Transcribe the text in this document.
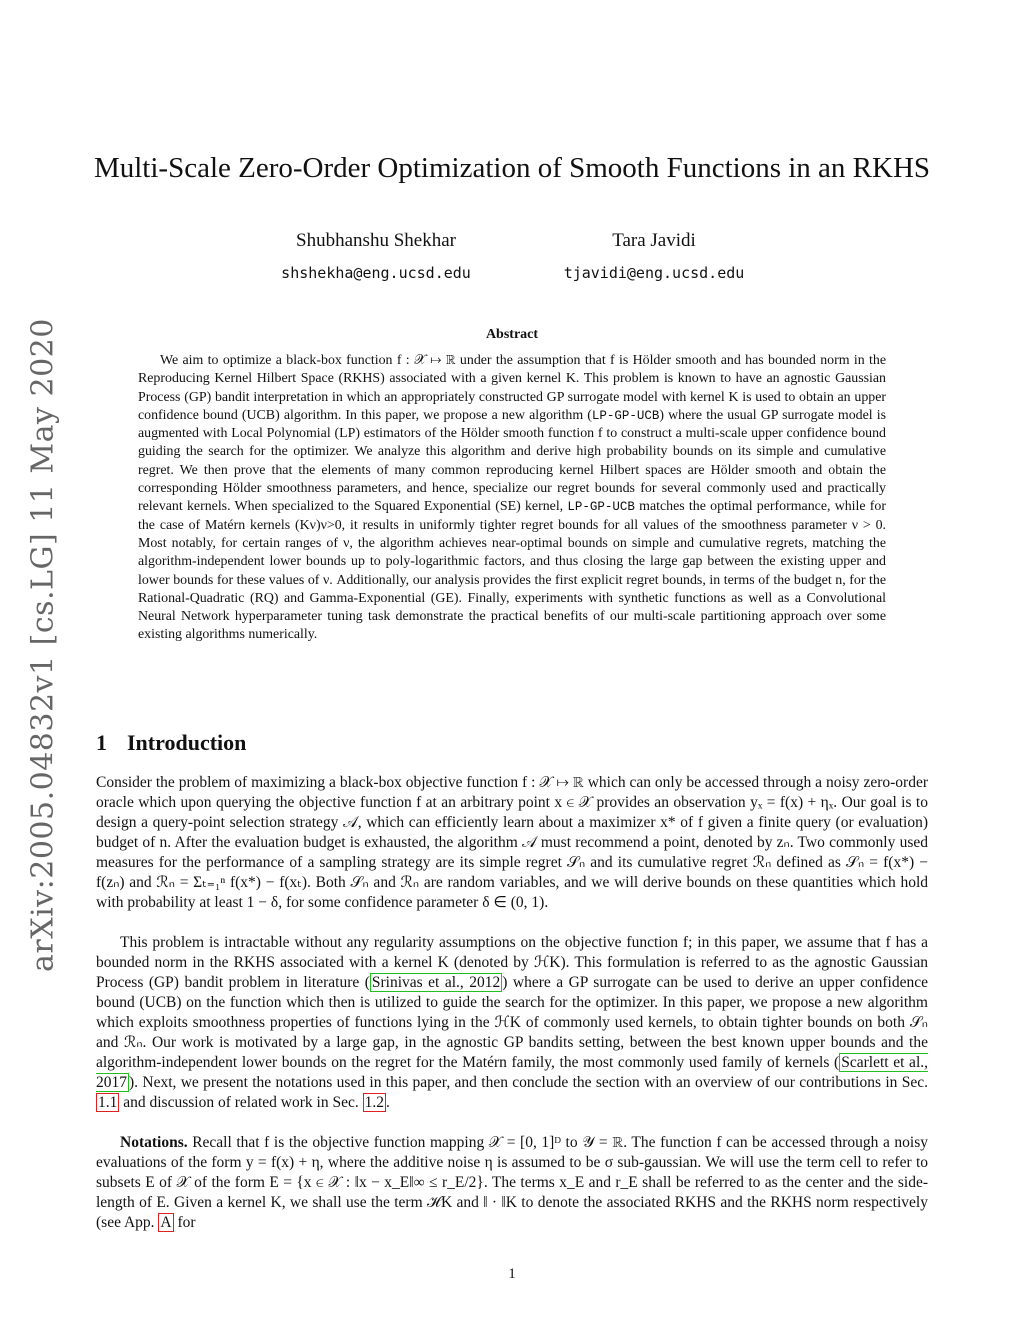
arXiv:2005.04832v1 [cs.LG] 11 May 2020
Multi-Scale Zero-Order Optimization of Smooth Functions in an RKHS
Shubhanshu Shekhar
shshekha@eng.ucsd.edu
Tara Javidi
tjavidi@eng.ucsd.edu
Abstract

We aim to optimize a black-box function f : 𝒳 ↦ ℝ under the assumption that f is Hölder smooth and has bounded norm in the Reproducing Kernel Hilbert Space (RKHS) associated with a given kernel K. This problem is known to have an agnostic Gaussian Process (GP) bandit interpretation in which an appropriately constructed GP surrogate model with kernel K is used to obtain an upper confidence bound (UCB) algorithm. In this paper, we propose a new algorithm (LP-GP-UCB) where the usual GP surrogate model is augmented with Local Polynomial (LP) estimators of the Hölder smooth function f to construct a multi-scale upper confidence bound guiding the search for the optimizer. We analyze this algorithm and derive high probability bounds on its simple and cumulative regret. We then prove that the elements of many common reproducing kernel Hilbert spaces are Hölder smooth and obtain the corresponding Hölder smoothness parameters, and hence, specialize our regret bounds for several commonly used and practically relevant kernels. When specialized to the Squared Exponential (SE) kernel, LP-GP-UCB matches the optimal performance, while for the case of Matérn kernels (Kν)ν>0, it results in uniformly tighter regret bounds for all values of the smoothness parameter ν > 0. Most notably, for certain ranges of ν, the algorithm achieves near-optimal bounds on simple and cumulative regrets, matching the algorithm-independent lower bounds up to poly-logarithmic factors, and thus closing the large gap between the existing upper and lower bounds for these values of ν. Additionally, our analysis provides the first explicit regret bounds, in terms of the budget n, for the Rational-Quadratic (RQ) and Gamma-Exponential (GE). Finally, experiments with synthetic functions as well as a Convolutional Neural Network hyperparameter tuning task demonstrate the practical benefits of our multi-scale partitioning approach over some existing algorithms numerically.

1 Introduction

Consider the problem of maximizing a black-box objective function f : 𝒳 ↦ ℝ which can only be accessed through a noisy zero-order oracle which upon querying the objective function f at an arbitrary point x ∈ 𝒳 provides an observation yₓ = f(x) + ηₓ. Our goal is to design a query-point selection strategy 𝒜, which can efficiently learn about a maximizer x* of f given a finite query (or evaluation) budget of n. After the evaluation budget is exhausted, the algorithm 𝒜 must recommend a point, denoted by zₙ. Two commonly used measures for the performance of a sampling strategy are its simple regret 𝒮ₙ and its cumulative regret ℛₙ defined as 𝒮ₙ = f(x*) − f(zₙ) and ℛₙ = Σₜ₌₁ⁿ f(x*) − f(xₜ). Both 𝒮ₙ and ℛₙ are random variables, and we will derive bounds on these quantities which hold with probability at least 1 − δ, for some confidence parameter δ ∈ (0, 1).

This problem is intractable without any regularity assumptions on the objective function f; in this paper, we assume that f has a bounded norm in the RKHS associated with a kernel K (denoted by ℋK). This formulation is referred to as the agnostic Gaussian Process (GP) bandit problem in literature ( Srinivas et al., 2012 ) where a GP surrogate can be used to derive an upper confidence bound (UCB) on the function which then is utilized to guide the search for the optimizer. In this paper, we propose a new algorithm which exploits smoothness properties of functions lying in the ℋK of commonly used kernels, to obtain tighter bounds on both 𝒮ₙ and ℛₙ. Our work is motivated by a large gap, in the agnostic GP bandits setting, between the best known upper bounds and the algorithm-independent lower bounds on the regret for the Matérn family, the most commonly used family of kernels ( Scarlett et al., 2017 ). Next, we present the notations used in this paper, and then conclude the section with an overview of our contributions in Sec. 1.1 and discussion of related work in Sec. 1.2 .

Notations. Recall that f is the objective function mapping 𝒳 = [0, 1]ᴰ to 𝒴 = ℝ. The function f can be accessed through a noisy evaluations of the form y = f(x) + η, where the additive noise η is assumed to be σ sub-gaussian. We will use the term cell to refer to subsets E of 𝒳 of the form E = {x ∈ 𝒳 : ‖x − x_E‖∞ ≤ r_E/2}. The terms x_E and r_E shall be referred to as the center and the side-length of E. Given a kernel K, we shall use the term ℋK and ‖ · ‖K to denote the associated RKHS and the RKHS norm respectively (see App. A for

1
